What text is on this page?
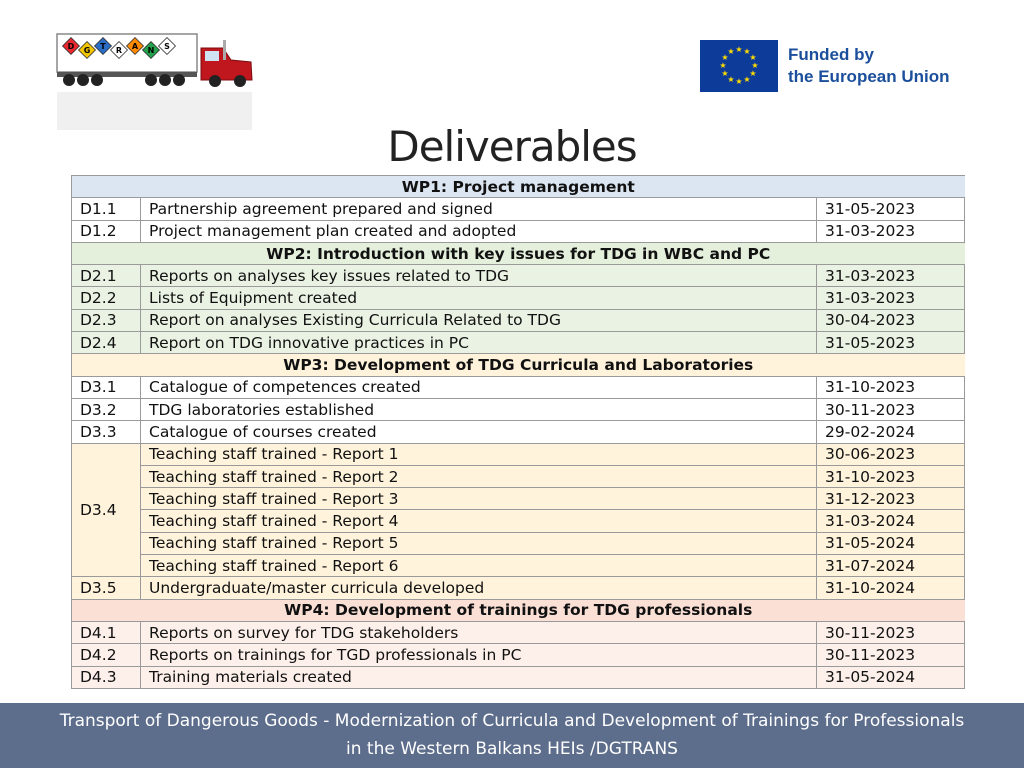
D G T R A N S	★ ★
★
★
★
★
★
★
★
★
★
★	Funded by
the European Union
Deliverables
WP1: Project management		
D1.1	Partnership agreement prepared and signed	31-05-2023
D1.2	Project management plan created and adopted	31-03-2023
WP2: Introduction with key issues for TDG in WBC and PC		
D2.1	Reports on analyses key issues related to TDG	31-03-2023
D2.2	Lists of Equipment created	31-03-2023
D2.3	Report on analyses Existing Curricula Related to TDG	30-04-2023
D2.4	Report on TDG innovative practices in PC	31-05-2023
WP3: Development of TDG Curricula and Laboratories		
D3.1	Catalogue of competences created	31-10-2023
D3.2	TDG laboratories established	30-11-2023
D3.3	Catalogue of courses created	29-02-2024
D3.4	Teaching staff trained - Report 1	30-06-2023
	Teaching staff trained - Report 2	31-10-2023
	Teaching staff trained - Report 3	31-12-2023
	Teaching staff trained - Report 4	31-03-2024
	Teaching staff trained - Report 5	31-05-2024
	Teaching staff trained - Report 6	31-07-2024
D3.5	Undergraduate/master curricula developed	31-10-2024
WP4: Development of trainings for TDG professionals		
D4.1	Reports on survey for TDG stakeholders	30-11-2023
D4.2	Reports on trainings for TGD professionals in PC	30-11-2023
D4.3	Training materials created	31-05-2024
Transport of Dangerous Goods - Modernization of Curricula and Development of Trainings for Professionals
in the Western Balkans HEIs /DGTRANS
